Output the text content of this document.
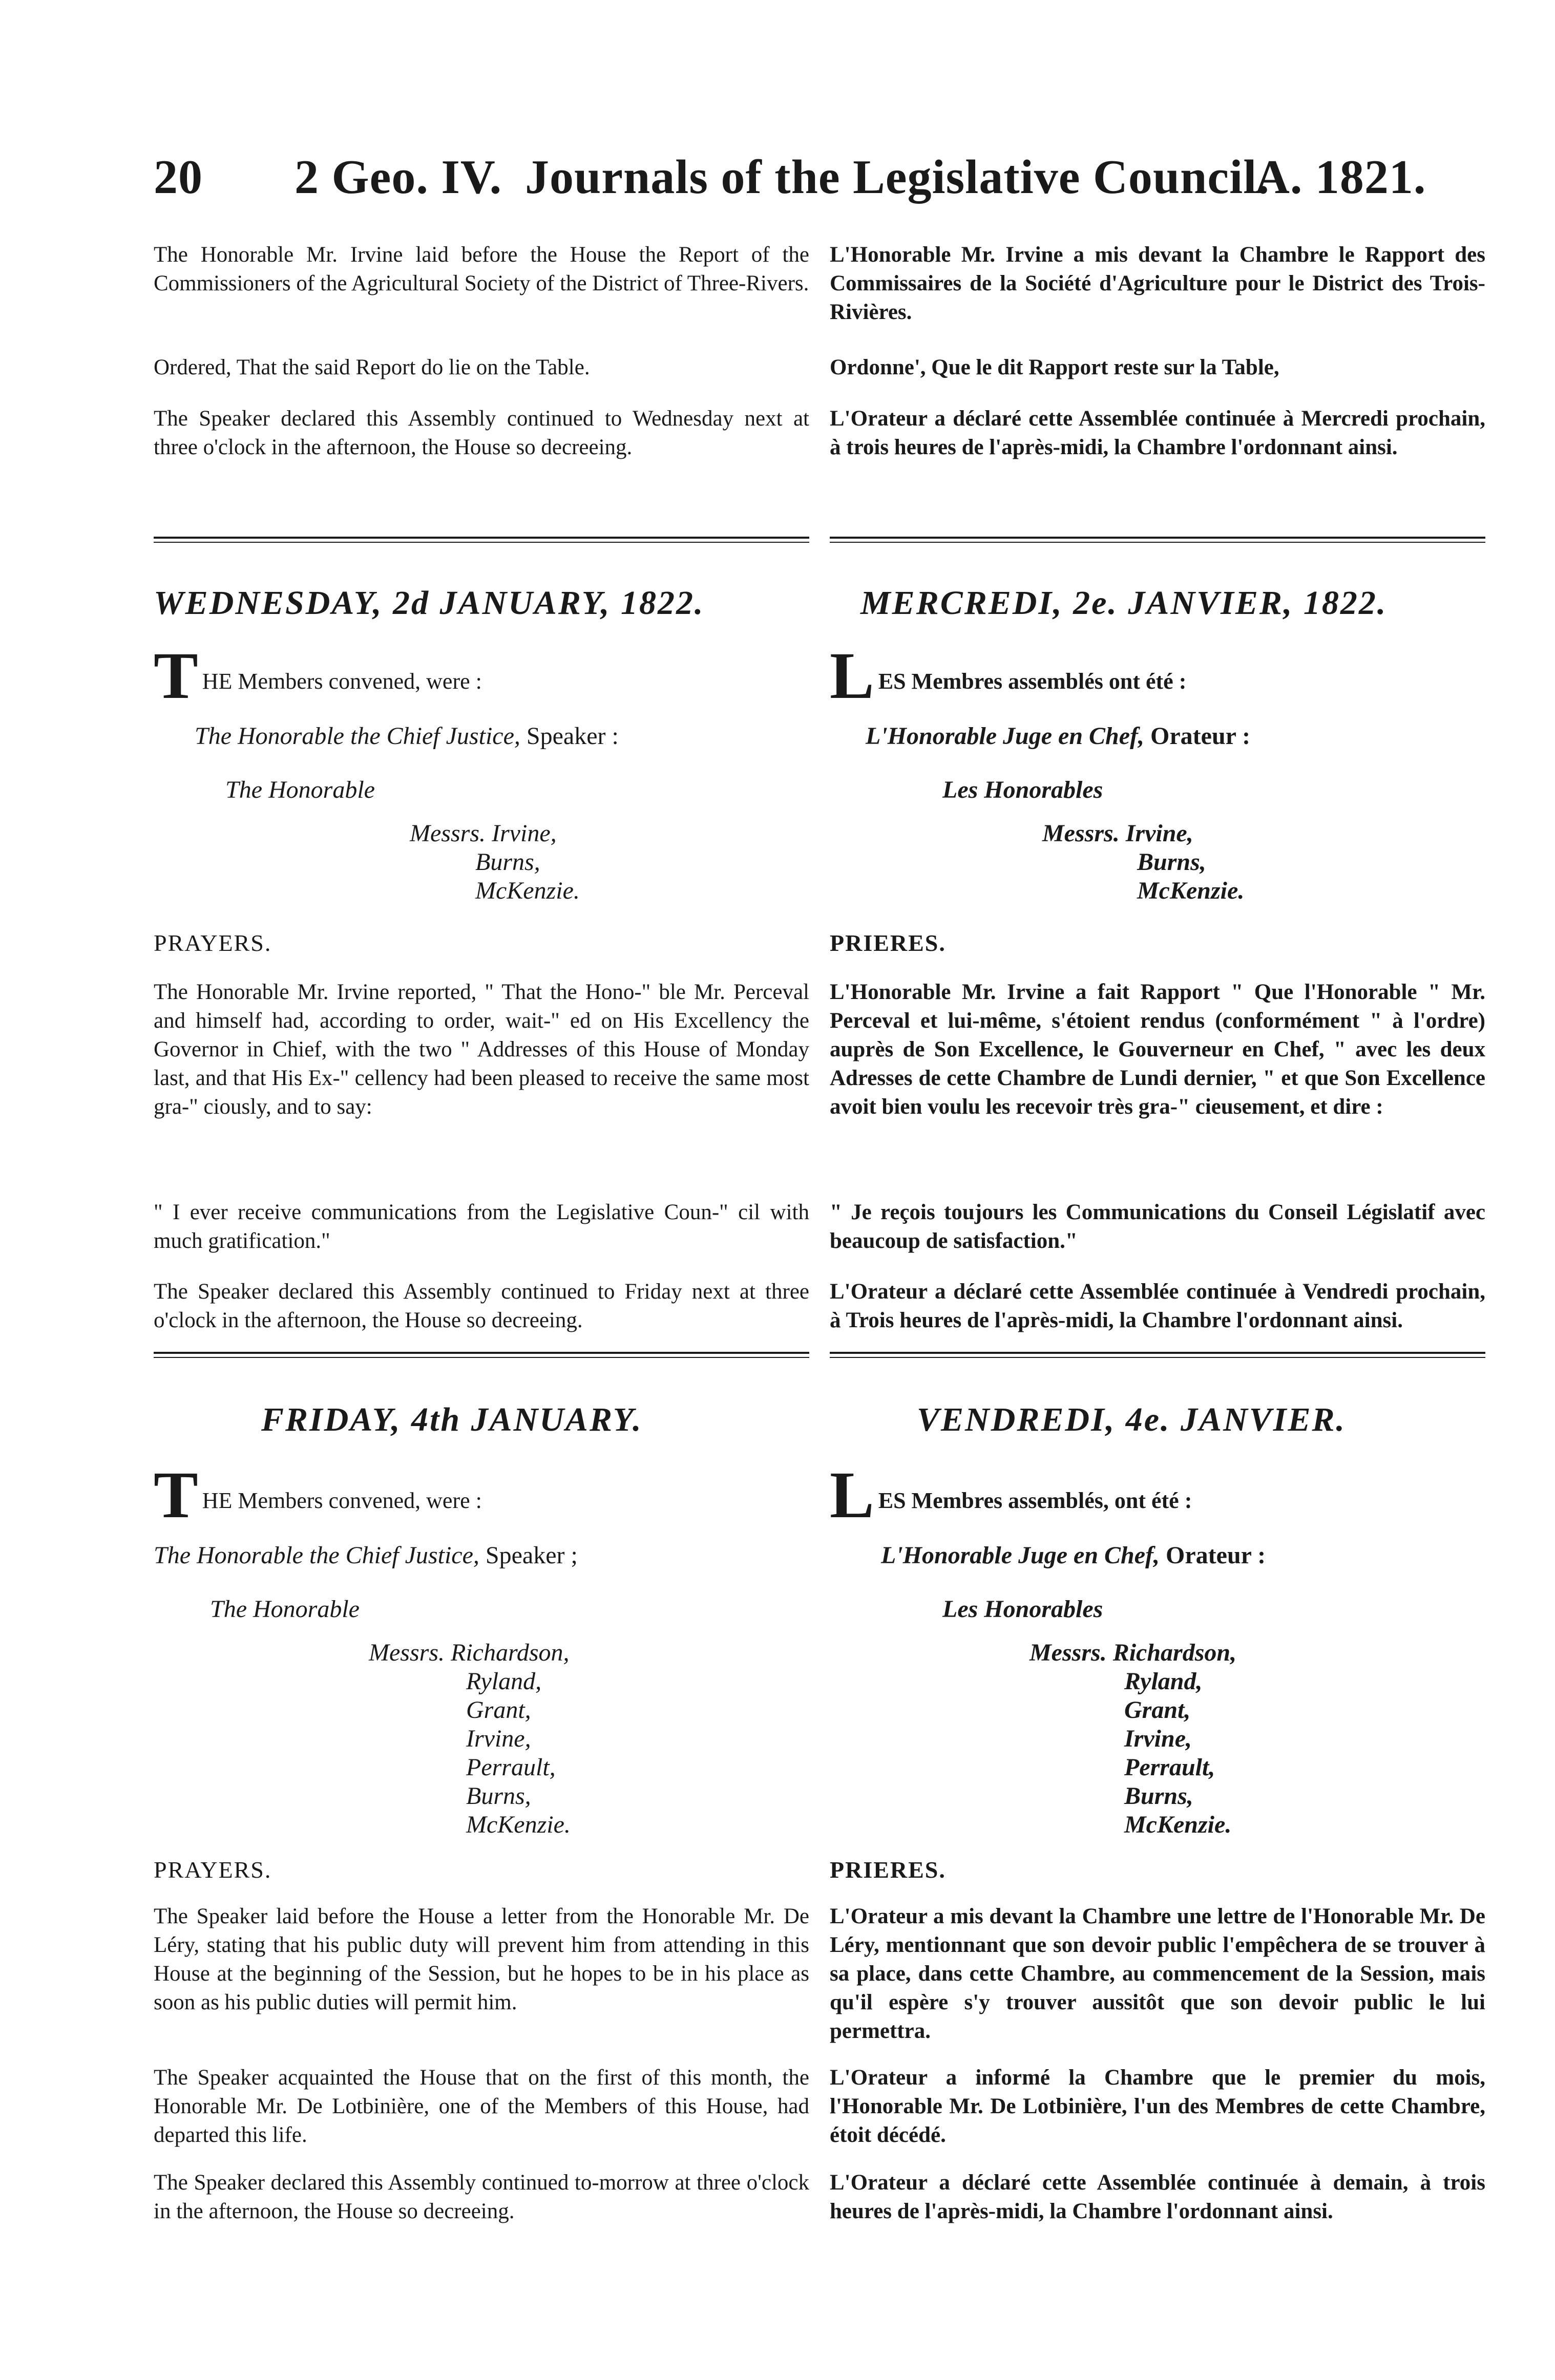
20 2 Geo. IV. Journals of the Legislative Council.
A. 1821.
The Honorable Mr. Irvine laid before the House the Report of the Commissioners of the Agricultural Society of the District of Three-Rivers.
Ordered, That the said Report do lie on the Table.
The Speaker declared this Assembly continued to Wednesday next at three o'clock in the afternoon, the House so decreeing.
L'Honorable Mr. Irvine a mis devant la Chambre le Rapport des Commissaires de la Société d'Agriculture pour le District des Trois-Rivières.
Ordonne', Que le dit Rapport reste sur la Table,
L'Orateur a déclaré cette Assemblée continuée à Mercredi prochain, à trois heures de l'après-midi, la Chambre l'ordonnant ainsi.
WEDNESDAY, 2d JANUARY, 1822.	MERCREDI, 2e. JANVIER, 1822.
THE Members convened, were :	LES Membres assemblés ont été :
The Honorable the Chief Justice, Speaker :	L'Honorable Juge en Chef, Orateur :
The Honorable	Les Honorables
Messrs. Irvine,
Burns,
McKenzie.
Messrs. Irvine,
Burns,
McKenzie.
PRAYERS.	PRIERES.
The Honorable Mr. Irvine reported, " That the Hono-" ble Mr. Perceval and himself had, according to order, wait-" ed on His Excellency the Governor in Chief, with the two " Addresses of this House of Monday last, and that His Ex-" cellency had been pleased to receive the same most gra-" ciously, and to say:
" I ever receive communications from the Legislative Coun-" cil with much gratification."
The Speaker declared this Assembly continued to Friday next at three o'clock in the afternoon, the House so decreeing.
L'Honorable Mr. Irvine a fait Rapport " Que l'Honorable " Mr. Perceval et lui-même, s'étoient rendus (conformément " à l'ordre) auprès de Son Excellence, le Gouverneur en Chef, " avec les deux Adresses de cette Chambre de Lundi dernier, " et que Son Excellence avoit bien voulu les recevoir très gra-" cieusement, et dire :
" Je reçois toujours les Communications du Conseil Législatif avec beaucoup de satisfaction."
L'Orateur a déclaré cette Assemblée continuée à Vendredi prochain, à Trois heures de l'après-midi, la Chambre l'ordonnant ainsi.
FRIDAY, 4th JANUARY.	VENDREDI, 4e. JANVIER.
THE Members convened, were :	LES Membres assemblés, ont été :
The Honorable the Chief Justice, Speaker ;	L'Honorable Juge en Chef, Orateur :
The Honorable	Les Honorables
Messrs. Richardson,
Ryland,
Grant,
Irvine,
Perrault,
Burns,
McKenzie.
Messrs. Richardson,
Ryland,
Grant,
Irvine,
Perrault,
Burns,
McKenzie.
PRAYERS.	PRIERES.
The Speaker laid before the House a letter from the Honorable Mr. De Léry, stating that his public duty will prevent him from attending in this House at the beginning of the Session, but he hopes to be in his place as soon as his public duties will permit him.
The Speaker acquainted the House that on the first of this month, the Honorable Mr. De Lotbinière, one of the Members of this House, had departed this life.
The Speaker declared this Assembly continued to-morrow at three o'clock in the afternoon, the House so decreeing.
L'Orateur a mis devant la Chambre une lettre de l'Honorable Mr. De Léry, mentionnant que son devoir public l'empêchera de se trouver à sa place, dans cette Chambre, au commencement de la Session, mais qu'il espère s'y trouver aussitôt que son devoir public le lui permettra.
L'Orateur a informé la Chambre que le premier du mois, l'Honorable Mr. De Lotbinière, l'un des Membres de cette Chambre, étoit décédé.
L'Orateur a déclaré cette Assemblée continuée à demain, à trois heures de l'après-midi, la Chambre l'ordonnant ainsi.
